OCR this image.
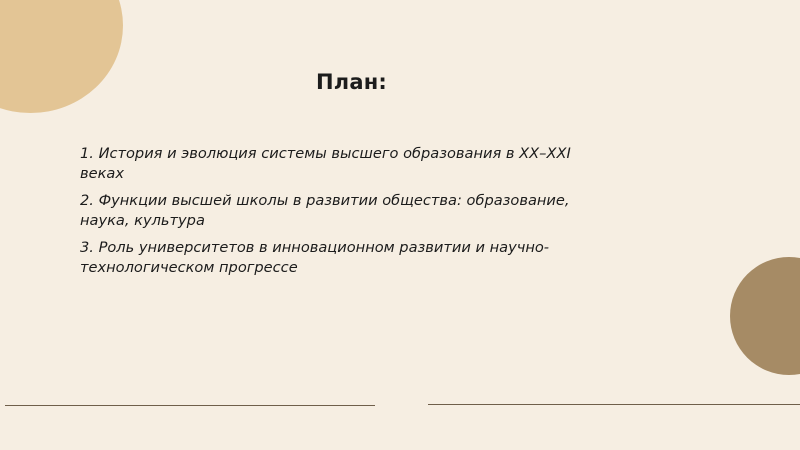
План:
1. История и эволюция системы высшего образования в XX–XXI веках
2. Функции высшей школы в развитии общества: образование, наука, культура
3. Роль университетов в инновационном развитии и научно-технологическом прогрессе
